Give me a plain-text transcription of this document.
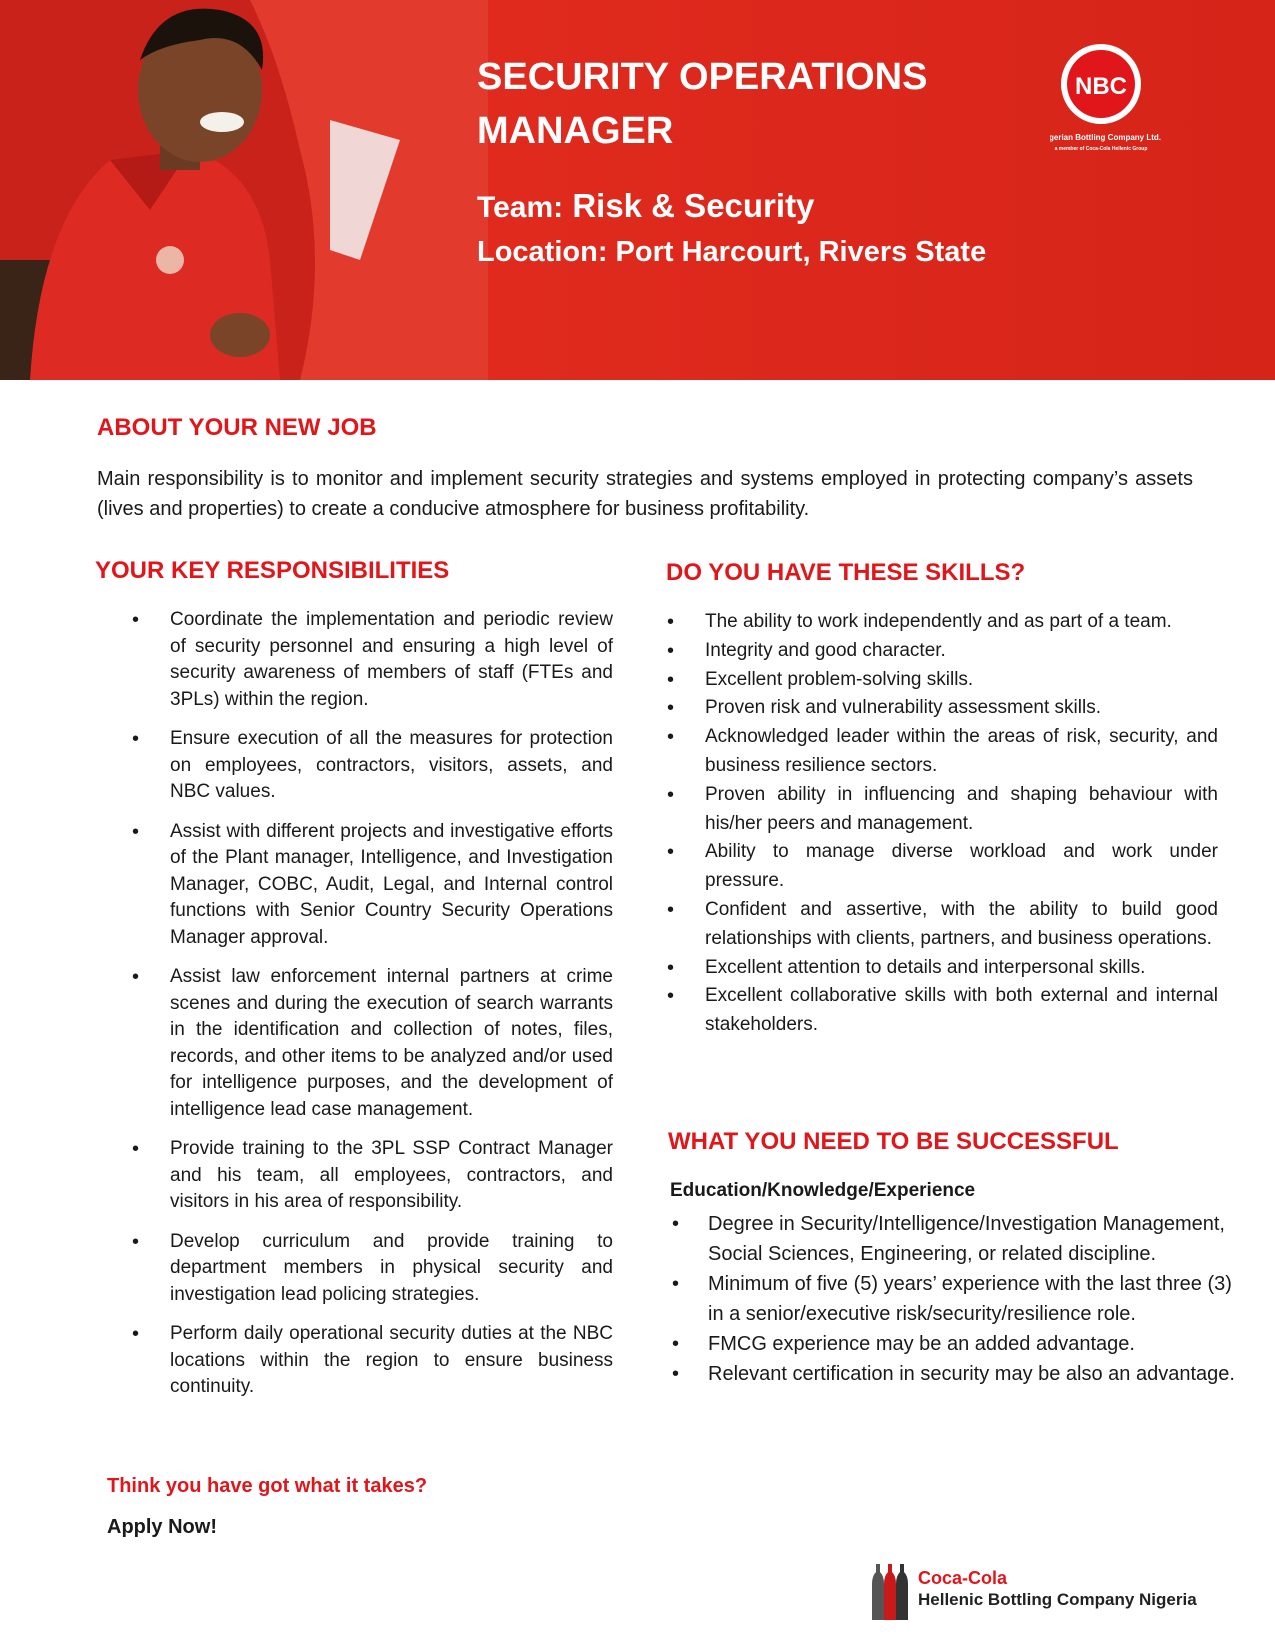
SECURITY OPERATIONS MANAGER

Team: Risk & Security

Location: Port Harcourt, Rivers State

NBC
Nigerian Bottling Company Ltd.
a member of Coca-Cola Hellenic Group
ABOUT YOUR NEW JOB

Main responsibility is to monitor and implement security strategies and systems employed in protecting company’s assets (lives and properties) to create a conducive atmosphere for business profitability.

YOUR KEY RESPONSIBILITIES
• Coordinate the implementation and periodic review of security personnel and ensuring a high level of security awareness of members of staff (FTEs and 3PLs) within the region.
• Ensure execution of all the measures for protection on employees, contractors, visitors, assets, and NBC values.
• Assist with different projects and investigative efforts of the Plant manager, Intelligence, and Investigation Manager, COBC, Audit, Legal, and Internal control functions with Senior Country Security Operations Manager approval.
• Assist law enforcement internal partners at crime scenes and during the execution of search warrants in the identification and collection of notes, files, records, and other items to be analyzed and/or used for intelligence purposes, and the development of intelligence lead case management.
• Provide training to the 3PL SSP Contract Manager and his team, all employees, contractors, and visitors in his area of responsibility.
• Develop curriculum and provide training to department members in physical security and investigation lead policing strategies.
• Perform daily operational security duties at the NBC locations within the region to ensure business continuity.
DO YOU HAVE THESE SKILLS?
• The ability to work independently and as part of a team.
• Integrity and good character.
• Excellent problem-solving skills.
• Proven risk and vulnerability assessment skills.
• Acknowledged leader within the areas of risk, security, and business resilience sectors.
• Proven ability in influencing and shaping behaviour with his/her peers and management.
• Ability to manage diverse workload and work under pressure.
• Confident and assertive, with the ability to build good relationships with clients, partners, and business operations.
• Excellent attention to details and interpersonal skills.
• Excellent collaborative skills with both external and internal stakeholders.
WHAT YOU NEED TO BE SUCCESSFUL

Education/Knowledge/Experience

• Degree in Security/Intelligence/Investigation Management, Social Sciences, Engineering, or related discipline.
• Minimum of five (5) years’ experience with the last three (3) in a senior/executive risk/security/resilience role.
• FMCG experience may be an added advantage.
• Relevant certification in security may be also an advantage.

Think you have got what it takes?

Apply Now!

Coca-Cola
Hellenic Bottling Company Nigeria
